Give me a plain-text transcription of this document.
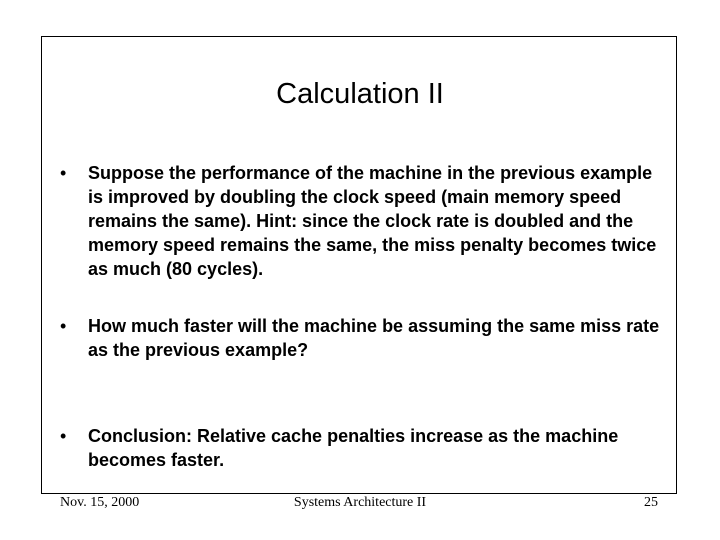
Calculation II
• Suppose the performance of the machine in the previous example is improved by doubling the clock speed (main memory speed remains the same). Hint: since the clock rate is doubled and the memory speed remains the same, the miss penalty becomes twice as much (80 cycles).
• How much faster will the machine be assuming the same miss rate as the previous example?
• Conclusion: Relative cache penalties increase as the machine becomes faster.
Nov. 15, 2000	Systems Architecture II	25
